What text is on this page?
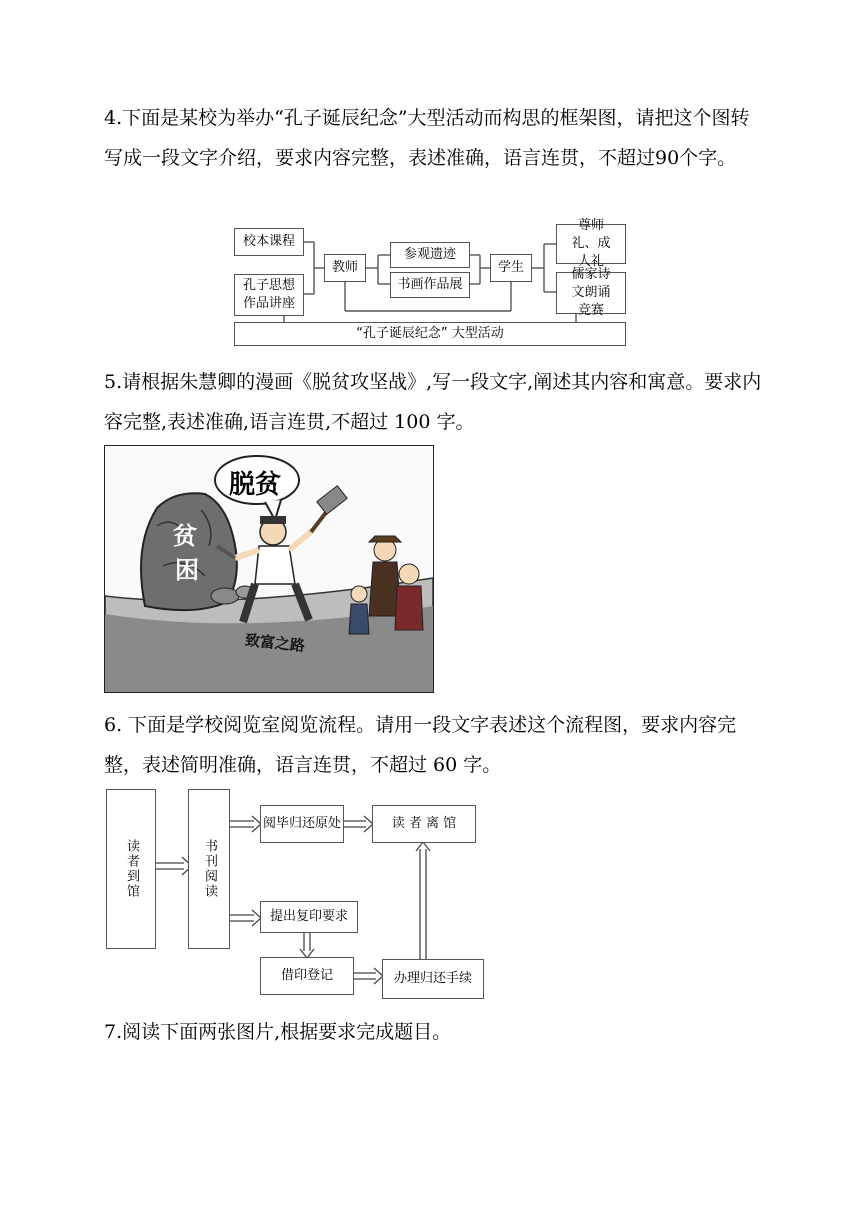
4.下面是某校为举办“孔子诞辰纪念”大型活动而构思的框架图，请把这个图转写成一段文字介绍，要求内容完整，表述准确，语言连贯，不超过90个字。

校本课程
孔子思想作品讲座
教师
参观遗迹
书画作品展
学生
尊师礼、成人礼
儒家诗文朗诵竞赛
“孔子诞辰纪念” 大型活动

5.请根据朱慧卿的漫画《脱贫攻坚战》,写一段文字,阐述其内容和寓意。要求内容完整,表述准确,语言连贯,不超过 100 字。

脱贫
贫
困
致富之路

6. 下面是学校阅览室阅览流程。请用一段文字表述这个流程图，要求内容完整，表述简明准确，语言连贯，不超过 60 字。

读者到馆	书刊阅读
阅毕归还原处	读 者 离 馆
提出复印要求
借印登记	办理归还手续

7.阅读下面两张图片,根据要求完成题目。
